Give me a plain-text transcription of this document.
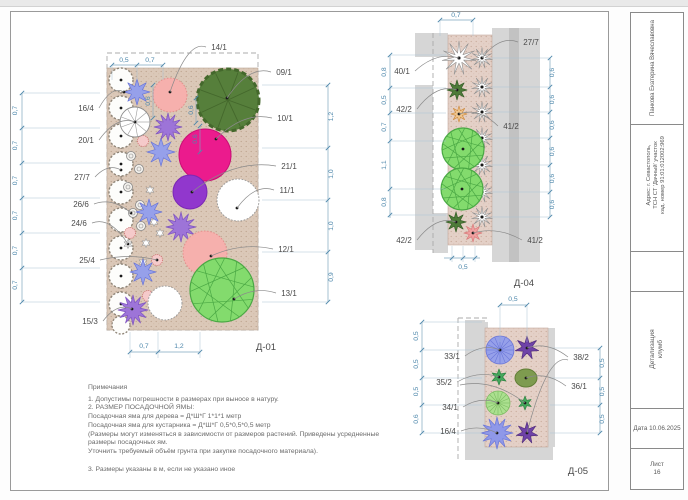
0,7
0,7
0,7
0,7
0,7
0,7
1,2
1,0
1,0
0,9
0,5 0,7
0,7	1,2
0,6
0,6
0,6
14/1
09/1
16/4
20/1
10/1
27/7
21/1
11/1
26/6
24/6
25/4
12/1
13/1
15/3
Д-01
0,7
0,8
0,5
0,7
1,1
0,8
0,6
0,6
0,6
0,6
0,6
0,6
0,5
27/7
40/1
42/2
41/2
42/2	41/2
Д-04
0,5
0,5
0,5
0,5
0,6
0,5
0,5
0,5
33/1	38/2
35/2	36/1
34/1
16/4
Д-05
Примечания
1. Допустимы погрешности в размерах при выносе в натуру.
2. РАЗМЕР ПОСАДОЧНОЙ ЯМЫ:
Посадочная яма для дерева = Д*Ш*Г 1*1*1 метр
Посадочная яма для кустарника = Д*Ш*Г 0,5*0,5*0,5 метр
(Размеры могут изменяться в зависимости от размеров растений. Приведены усредненные
размеры посадочных ям.
Уточнить требуемый объём грунта при закупке посадочного материала).
3. Размеры указаны в м, если не указано иное
Панкова Екатерина Вячеславовна
Адрес: г. Севастополь, ТСН СТ 'Дачный' участок кад. номер 91:01:012002:969
Детализация клумб
Дата 10.06.2025
Лист
16
